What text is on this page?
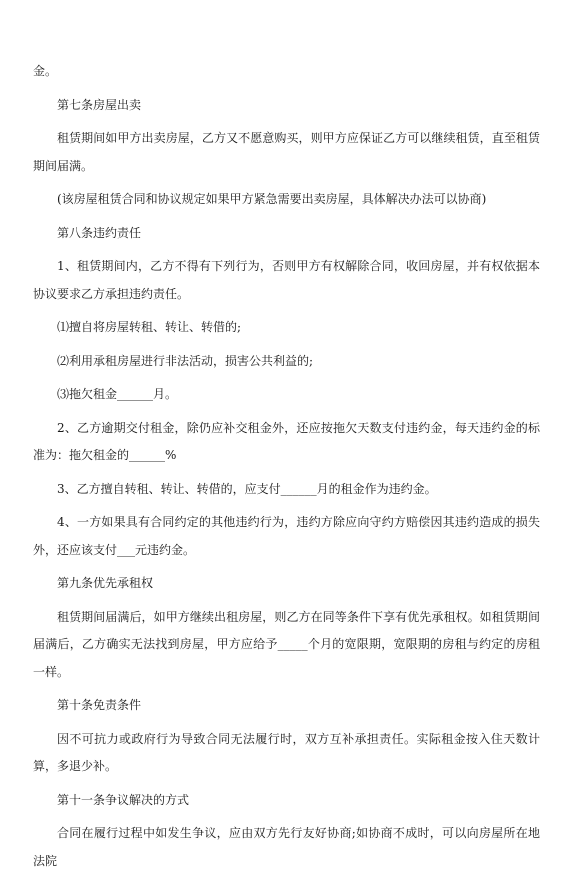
金。

第七条房屋出卖

租赁期间如甲方出卖房屋，乙方又不愿意购买，则甲方应保证乙方可以继续租赁，直至租赁期间届满。

(该房屋租赁合同和协议规定如果甲方紧急需要出卖房屋，具体解决办法可以协商)

第八条违约责任

1、租赁期间内，乙方不得有下列行为，否则甲方有权解除合同，收回房屋，并有权依据本协议要求乙方承担违约责任。

⑴擅自将房屋转租、转让、转借的;

⑵利用承租房屋进行非法活动，损害公共利益的;

⑶拖欠租金______月。

2、乙方逾期交付租金，除仍应补交租金外，还应按拖欠天数支付违约金，每天违约金的标准为：拖欠租金的______%

3、乙方擅自转租、转让、转借的，应支付______月的租金作为违约金。

4、一方如果具有合同约定的其他违约行为，违约方除应向守约方赔偿因其违约造成的损失外，还应该支付___元违约金。

第九条优先承租权

租赁期间届满后，如甲方继续出租房屋，则乙方在同等条件下享有优先承租权。如租赁期间届满后，乙方确实无法找到房屋，甲方应给予_____个月的宽限期，宽限期的房租与约定的房租一样。

第十条免责条件

因不可抗力或政府行为导致合同无法履行时，双方互补承担责任。实际租金按入住天数计算，多退少补。

第十一条争议解决的方式

合同在履行过程中如发生争议，应由双方先行友好协商;如协商不成时，可以向房屋所在地法院
